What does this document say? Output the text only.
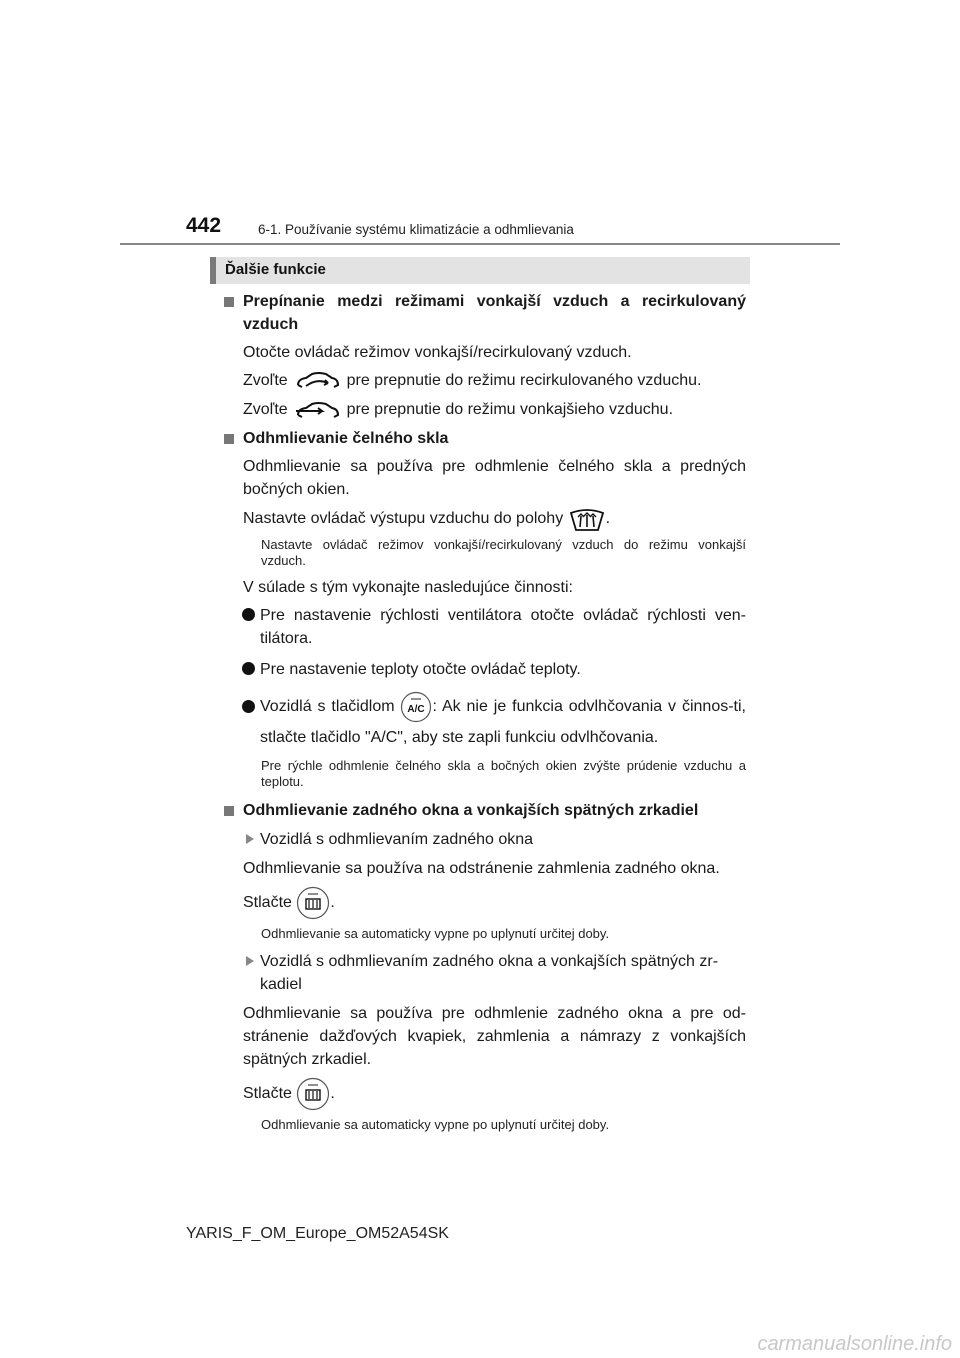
442	6-1. Používanie systému klimatizácie a odhmlievania
Ďalšie funkcie
Prepínanie medzi režimami vonkajší vzduch a recirkulovaný vzduch

Otočte ovládač režimov vonkajší/recirkulovaný vzduch.

Zvoľte	pre prepnutie do režimu recirkulovaného vzduchu.

Zvoľte	pre prepnutie do režimu vonkajšieho vzduchu.

Odhmlievanie čelného skla

Odhmlievanie sa používa pre odhmlenie čelného skla a predných bočných okien.

Nastavte ovládač výstupu vzduchu do polohy	.

Nastavte ovládač režimov vonkajší/recirkulovaný vzduch do režimu vonkajší vzduch.

V súlade s tým vykonajte nasledujúce činnosti:

Pre nastavenie rýchlosti ventilátora otočte ovládač rýchlosti ven-tilátora.
Pre nastavenie teploty otočte ovládač teploty.
Vozidlá s tlačidlom A/C : Ak nie je funkcia odvlhčovania v činnos-ti, stlačte tlačidlo "A/C", aby ste zapli funkciu odvlhčovania.

Pre rýchle odhmlenie čelného skla a bočných okien zvýšte prúdenie vzduchu a teplotu.

Odhmlievanie zadného okna a vonkajších spätných zrkadiel
Vozidlá s odhmlievaním zadného okna

Odhmlievanie sa používa na odstránenie zahmlenia zadného okna.

Stlačte .

Odhmlievanie sa automaticky vypne po uplynutí určitej doby.

Vozidlá s odhmlievaním zadného okna a vonkajších spätných zr-kadiel

Odhmlievanie sa používa pre odhmlenie zadného okna a pre od-stránenie dažďových kvapiek, zahmlenia a námrazy z vonkajších spätných zrkadiel.

Stlačte .

Odhmlievanie sa automaticky vypne po uplynutí určitej doby.

YARIS_F_OM_Europe_OM52A54SK
carmanualsonline.info
